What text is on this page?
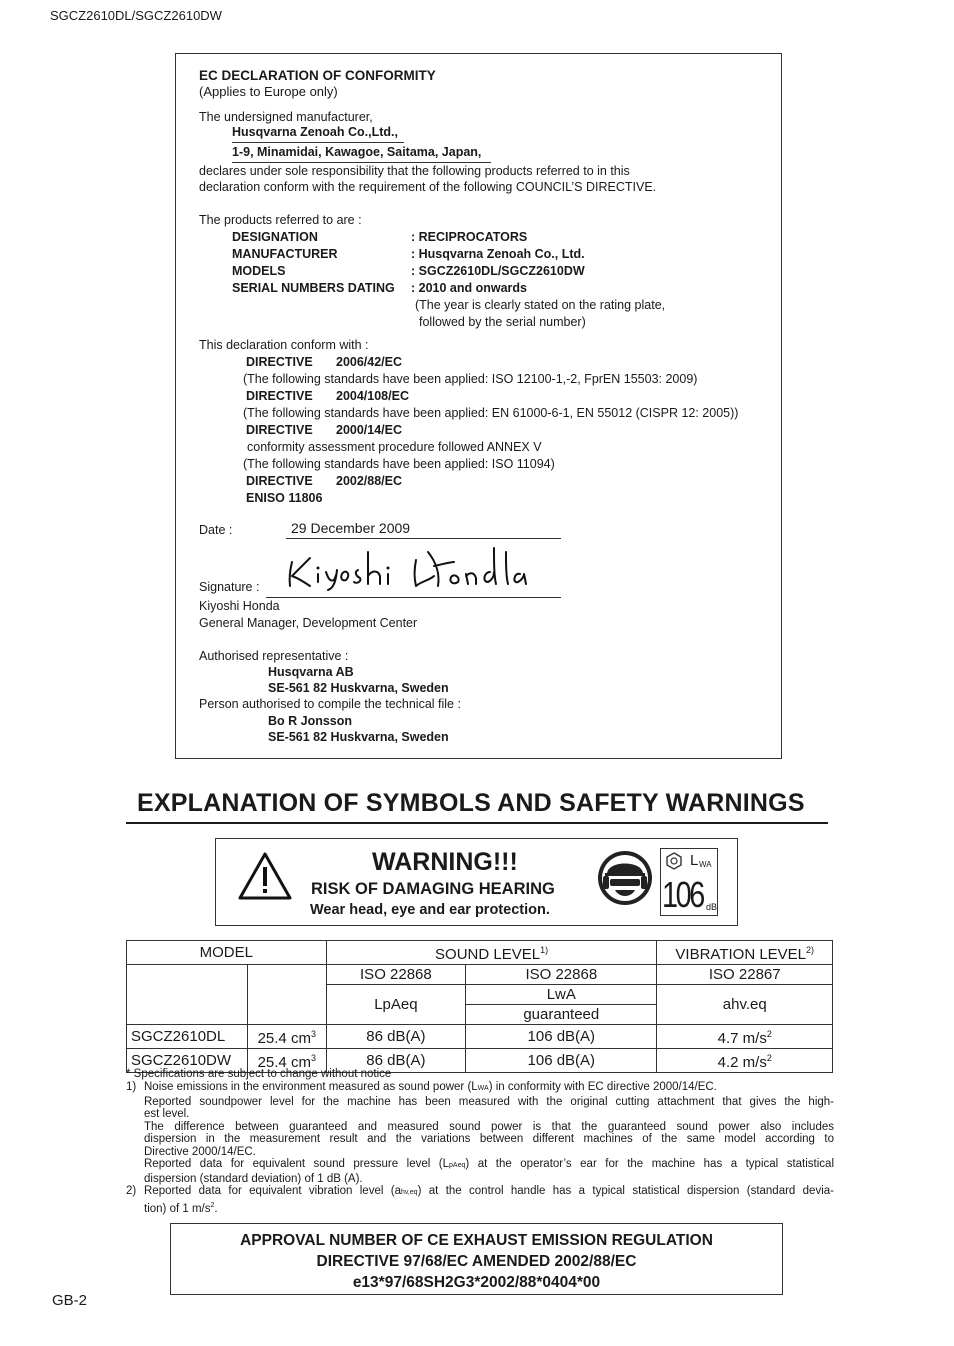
SGCZ2610DL/SGCZ2610DW
EC DECLARATION OF CONFORMITY
(Applies to Europe only)
The undersigned manufacturer,
Husqvarna Zenoah Co.,Ltd.,
1-9, Minamidai, Kawagoe, Saitama, Japan,
declares under sole responsibility that the following products referred to in this
declaration conform with the requirement of the following COUNCIL’S DIRECTIVE.
The products referred to are :
DESIGNATION	: RECIPROCATORS
MANUFACTURER	: Husqvarna Zenoah Co., Ltd.
MODELS	: SGCZ2610DL/SGCZ2610DW
SERIAL NUMBERS DATING : 2010 and onwards
(The year is clearly stated on the rating plate,
followed by the serial number)
This declaration conform with :
DIRECTIVE 2006/42/EC
(The following standards have been applied: ISO 12100-1,-2, FprEN 15503: 2009)
DIRECTIVE 2004/108/EC
(The following standards have been applied: EN 61000-6-1, EN 55012 (CISPR 12: 2005))
DIRECTIVE 2000/14/EC
conformity assessment procedure followed ANNEX V
(The following standards have been applied: ISO 11094)
DIRECTIVE 2002/88/EC
ENISO 11806
Date :	29 December 2009
Signature :
Kiyoshi Honda
General Manager, Development Center
Authorised representative :
Husqvarna AB
SE-561 82 Huskvarna, Sweden
Person authorised to compile the technical file :
Bo R Jonsson
SE-561 82 Huskvarna, Sweden
EXPLANATION OF SYMBOLS AND SAFETY WARNINGS
WARNING!!!
RISK OF DAMAGING HEARING
Wear head, eye and ear protection.
L WA
106 dB
MODEL		SOUND LEVEL$^{1)}$		VIBRATION LEVEL$^{2)}$
		ISO 22868	ISO 22868	ISO 22867
		LpAeq	LwA	ahv.eq
			guaranteed	
SGCZ2610DL	25.4 $cm^3$	86 dB(A)	106 dB(A)	4.7 $m/s^2$
SGCZ2610DW	25.4 $cm^3$	86 dB(A)	106 dB(A)	4.2 $m/s^2$
* Specifications are subject to change without notice
1) Noise emissions in the environment measured as sound power (LWA) in conformity with EC directive 2000/14/EC.
Reported soundpower level for the machine has been measured with the original cutting attachment that gives the high-
est level.
The difference between guaranteed and measured sound power is that the guaranteed sound power also includes
dispersion in the measurement result and the variations between different machines of the same model according to
Directive 2000/14/EC.
Reported data for equivalent sound pressure level (LpAeq) at the operator’s ear for the machine has a typical statistical
dispersion (standard deviation) of 1 dB (A).
2) Reported data for equivalent vibration level (ahv,eq) at the control handle has a typical statistical dispersion (standard devia-
tion) of 1 $m/s^2$.
APPROVAL NUMBER OF CE EXHAUST EMISSION REGULATION
DIRECTIVE 97/68/EC AMENDED 2002/88/EC
e13*97/68SH2G3*2002/88*0404*00
GB-2
